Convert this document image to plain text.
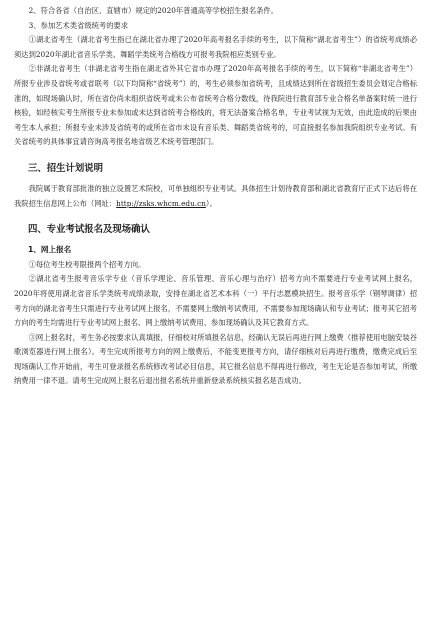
2、符合各省（自治区、直辖市）规定的2020年普通高等学校招生报名条件。

3、参加艺术类省级统考的要求

①湖北省考生（湖北省考生指已在湖北省办理了2020年高考报名手续的考生，以下简称“湖北省考生”）的省统考成绩必须达到2020年湖北省音乐学类、舞蹈学类统考合格线方可报考我院相应类别专业。

②非湖北省考生（非湖北省考生指在湖北省外其它省市办理了2020年高考报名手续的考生，以下简称“非湖北省考生”）所报专业涉及省统考或省联考（以下均简称“省统考”）的，考生必须参加省统考，且成绩达到所在省级招生委员会划定合格标准的，如现场确认时，所在省份尚未组织省统考或未公布省统考合格分数线，待我院进行教育部专业合格名单备案时统一进行核验，如经核实考生所报专业未参加或未达到省统考合格线的，将无法备案合格名单，专业考试视为无效，由此造成的后果由考生本人承担；所报专业未涉及省统考的或所在省市未设有音乐类、舞蹈类省统考的，可直接报名参加我院组织专业考试。有关省统考的具体事宜请咨询高考报名地省级艺术统考管理部门。

三、招生计划说明

我院属于教育部批准的独立设置艺术院校，可单独组织专业考试。具体招生计划待教育部和湖北省教育厅正式下达后将在我院招生信息网上公布（网址：http://zsks.whcm.edu.cn）。

四、专业考试报名及现场确认
1、网上报名

①每位考生校考限报两个招考方向。

②湖北省考生报考音乐学专业（音乐学理论、音乐管理、音乐心理与治疗）招考方向不需要进行专业考试网上报名，2020年将使用湖北省音乐学类统考成绩录取，安排在湖北省艺术本科（一）平行志愿模块招生。报考音乐学（钢琴调律）招考方向的湖北省考生只需进行专业考试网上报名，不需要网上缴纳考试费用，不需要参加现场确认和专业考试；报考其它招考方向的考生均需进行专业考试网上报名、网上缴纳考试费用、参加现场确认及其它教育方式。

③网上报名时，考生务必按要求认真填报，仔细校对所填报名信息，经确认无误后再进行网上缴费（推荐使用电脑安装谷歌浏览器进行网上报名）。考生完成所报考方向的网上缴费后，不能变更报考方向，请仔细核对后再进行缴费，缴费完成后至现场确认工作开始前，考生可登录报名系统修改考试必目信息，其它报名信息不得再进行修改，考生无论是否参加考试，所缴纳费用一律不退。请考生完成网上报名后退出报名系统并重新登录系统核实报名是否成功。
